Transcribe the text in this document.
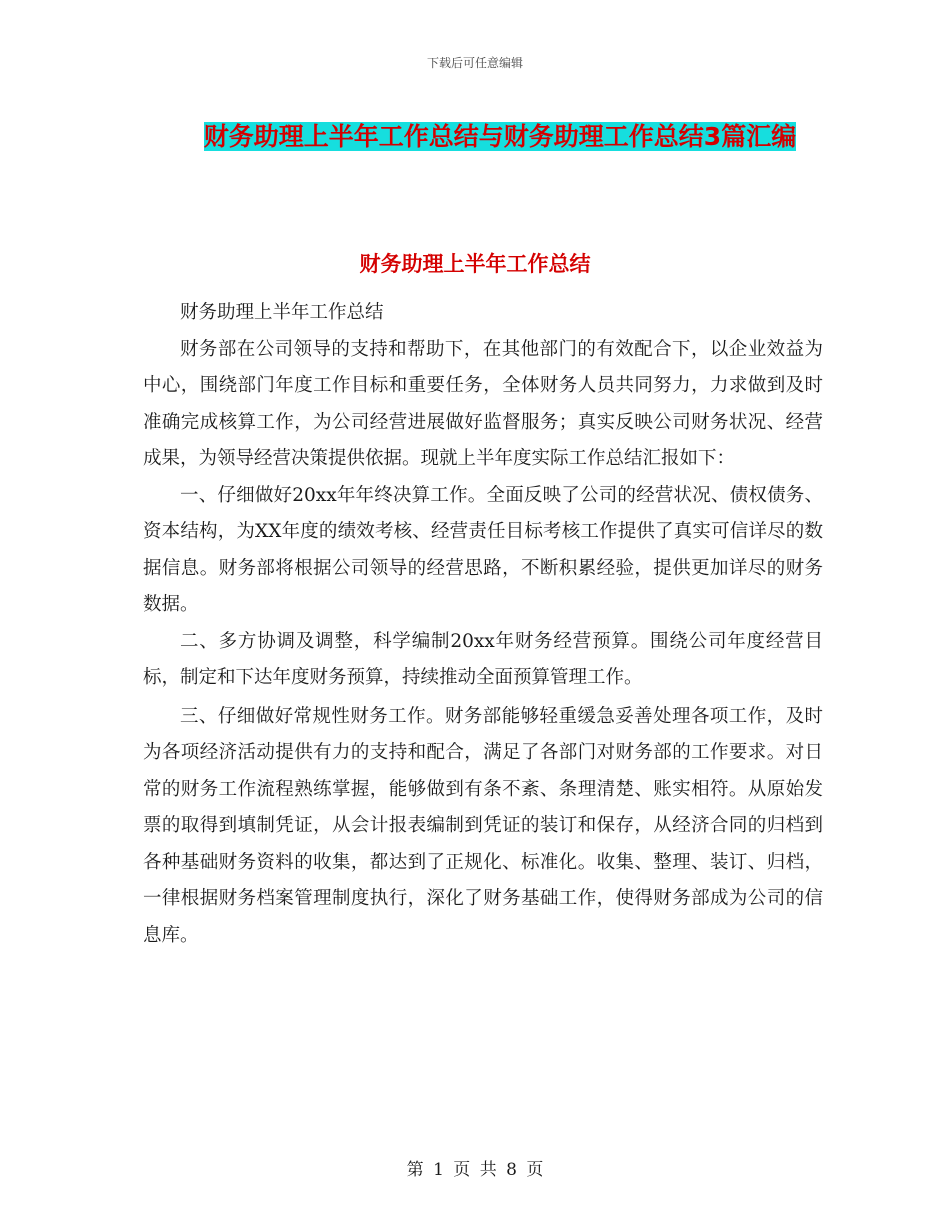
下载后可任意编辑
财务助理上半年工作总结与财务助理工作总结3篇汇编
财务助理上半年工作总结

财务助理上半年工作总结

财务部在公司领导的支持和帮助下，在其他部门的有效配合下，以企业效益为中心，围绕部门年度工作目标和重要任务，全体财务人员共同努力，力求做到及时准确完成核算工作，为公司经营进展做好监督服务；真实反映公司财务状况、经营成果，为领导经营决策提供依据。现就上半年度实际工作总结汇报如下：

一、仔细做好20xx年年终决算工作。全面反映了公司的经营状况、债权债务、资本结构，为XX年度的绩效考核、经营责任目标考核工作提供了真实可信详尽的数据信息。财务部将根据公司领导的经营思路，不断积累经验，提供更加详尽的财务数据。

二、多方协调及调整，科学编制20xx年财务经营预算。围绕公司年度经营目标，制定和下达年度财务预算，持续推动全面预算管理工作。

三、仔细做好常规性财务工作。财务部能够轻重缓急妥善处理各项工作，及时为各项经济活动提供有力的支持和配合，满足了各部门对财务部的工作要求。对日常的财务工作流程熟练掌握，能够做到有条不紊、条理清楚、账实相符。从原始发票的取得到填制凭证，从会计报表编制到凭证的装订和保存，从经济合同的归档到各种基础财务资料的收集，都达到了正规化、标准化。收集、整理、装订、归档，一律根据财务档案管理制度执行，深化了财务基础工作，使得财务部成为公司的信息库。

第 1 页 共 8 页
